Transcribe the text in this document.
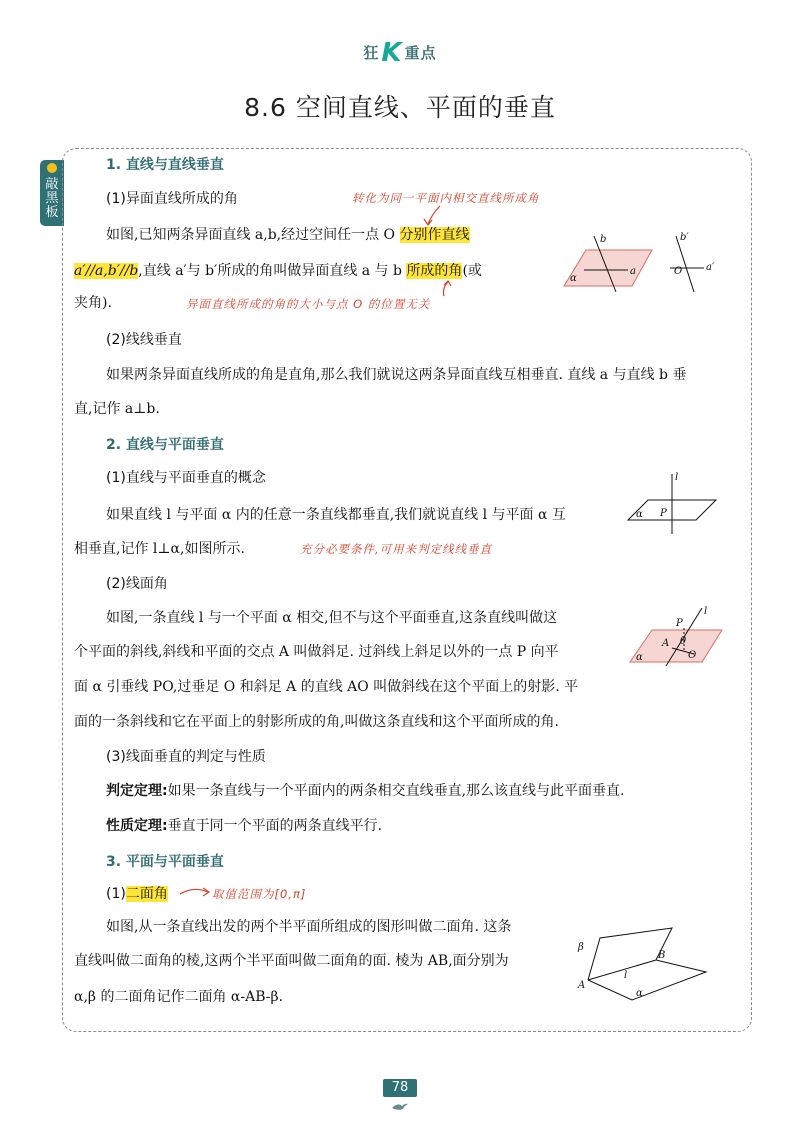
狂K 重点
8.6 空间直线、平面的垂直
敲黑板
1. 直线与直线垂直
(1)异面直线所成的角	转化为同一平面内相交直线所成角
如图,已知两条异面直线 a,b,经过空间任一点 O 分别作直线
a′//a,b′//b,直线 a′与 b′所成的角叫做异面直线 a 与 b 所成的角(或
夹角).	异面直线所成的角的大小与点 O 的位置无关
b
α
a
b′
O a′
(2)线线垂直
如果两条异面直线所成的角是直角,那么我们就说这两条异面直线互相垂直. 直线 a 与直线 b 垂
直,记作 a⊥b.
2. 直线与平面垂直
(1)直线与平面垂直的概念
如果直线 l 与平面 α 内的任意一条直线都垂直,我们就说直线 l 与平面 α 互
相垂直,记作 l⊥α,如图所示.	充分必要条件,可用来判定线线垂直
l
α P
(2)线面角
如图,一条直线 l 与一个平面 α 相交,但不与这个平面垂直,这条直线叫做这
个平面的斜线,斜线和平面的交点 A 叫做斜足. 过斜线上斜足以外的一点 P 向平
面 α 引垂线 PO,过垂足 O 和斜足 A 的直线 AO 叫做斜线在这个平面上的射影. 平
面的一条斜线和它在平面上的射影所成的角,叫做这条直线和这个平面所成的角.
l
P
A θ
O
α
(3)线面垂直的判定与性质
判定定理:如果一条直线与一个平面内的两条相交直线垂直,那么该直线与此平面垂直.
性质定理:垂直于同一个平面的两条直线平行.
3. 平面与平面垂直
(1)二面角	取值范围为[0,π]
如图,从一条直线出发的两个半平面所组成的图形叫做二面角. 这条
直线叫做二面角的棱,这两个半平面叫做二面角的面. 棱为 AB,面分别为
α,β 的二面角记作二面角 α-AB-β.
β
B
A
l
α
78
